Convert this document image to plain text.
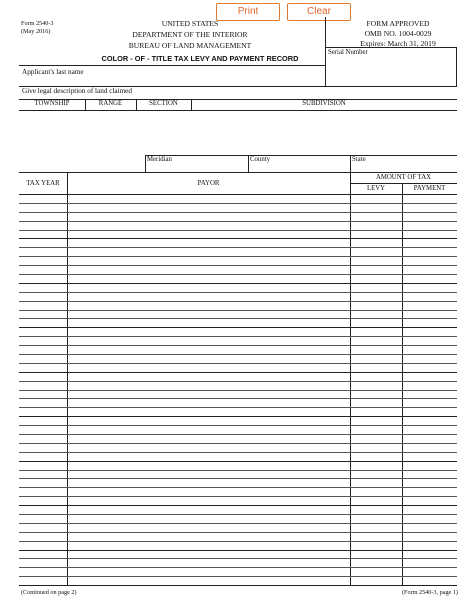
Print	Clear
Form 2540-3
(May 2016)
UNITED STATES
DEPARTMENT OF THE INTERIOR
BUREAU OF LAND MANAGEMENT
COLOR - OF - TITLE TAX LEVY AND PAYMENT RECORD
FORM APPROVED
OMB NO. 1004-0029
Expires: March 31, 2019
Serial Number
Applicant's last name
Give legal description of land claimed
TOWNSHIP	RANGE	SECTION	SUBDIVISION
Meridian	County	State
TAX YEAR	PAYOR
AMOUNT OF TAX
LEVY	PAYMENT
(Continued on page 2)	(Form 2540-3, page 1)
